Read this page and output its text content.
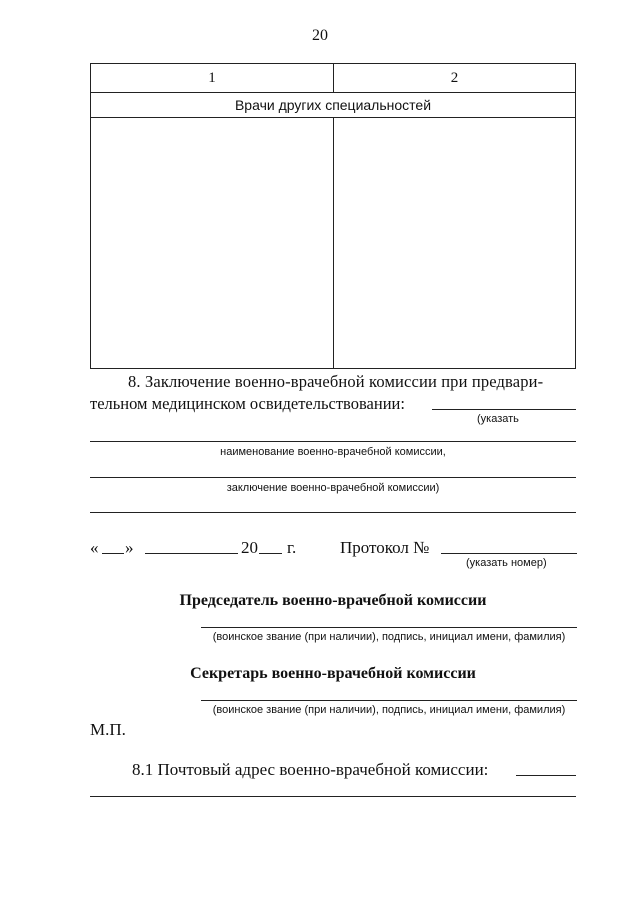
20
1	2
Врачи других специальностей
8. Заключение военно-врачебной комиссии при предвари-
тельном медицинском освидетельствовании:
(указать
наименование военно-врачебной комиссии,
заключение военно-врачебной комиссии)
« »	20 г.	Протокол №
(указать номер)
Председатель военно-врачебной комиссии
(воинское звание (при наличии), подпись, инициал имени, фамилия)
Секретарь военно-врачебной комиссии
(воинское звание (при наличии), подпись, инициал имени, фамилия)
М.П.
8.1 Почтовый адрес военно-врачебной комиссии:
